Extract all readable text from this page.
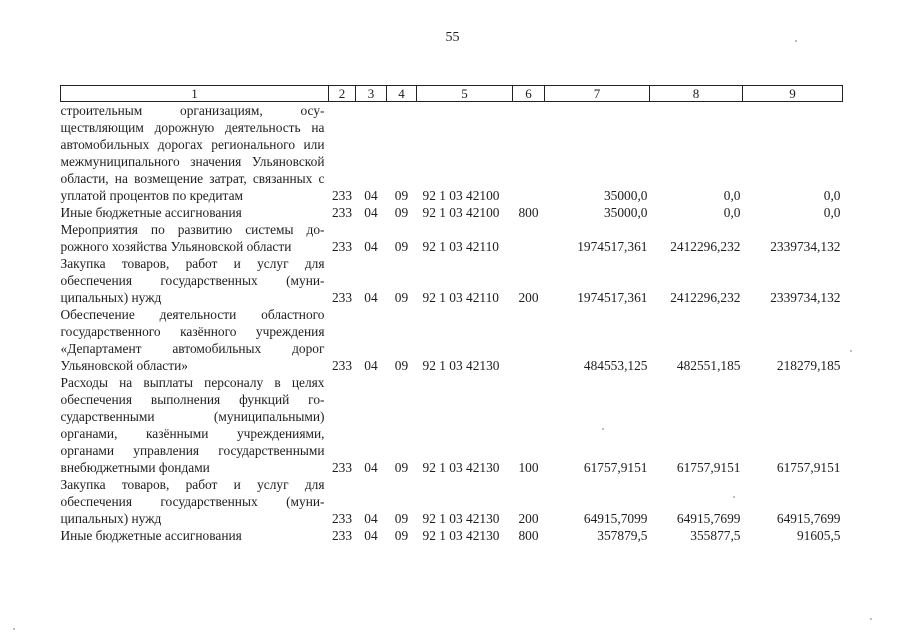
55
1	2	3	4	5	6	7	8	9
строительным организациям, осуществляющим дорожную деятельность на автомобильных дорогах регионального или межмуниципального значения Ульяновской области, на возмещение затрат, связанных с уплатой процентов по кредитам	233	04	09	92 1 03 42100		35000,0	0,0	0,0
Иные бюджетные ассигнования	233	04	09	92 1 03 42100	800	35000,0	0,0	0,0
Мероприятия по развитию системы дорожного хозяйства Ульяновской области	233	04	09	92 1 03 42110		1974517,361	2412296,232	2339734,132
Закупка товаров, работ и услуг для обеспечения государственных (муниципальных) нужд	233	04	09	92 1 03 42110	200	1974517,361	2412296,232	2339734,132
Обеспечение деятельности областного государственного казённого учреждения «Департамент автомобильных дорог Ульяновской области»	233	04	09	92 1 03 42130		484553,125	482551,185	218279,185
Расходы на выплаты персоналу в целях обеспечения выполнения функций государственными (муниципальными) органами, казёнными учреждениями, органами управления государственными внебюджетными фондами	233	04	09	92 1 03 42130	100	61757,9151	61757,9151	61757,9151
Закупка товаров, работ и услуг для обеспечения государственных (муниципальных) нужд	233	04	09	92 1 03 42130	200	64915,7099	64915,7699	64915,7699
Иные бюджетные ассигнования	233	04	09	92 1 03 42130	800	357879,5	355877,5	91605,5
